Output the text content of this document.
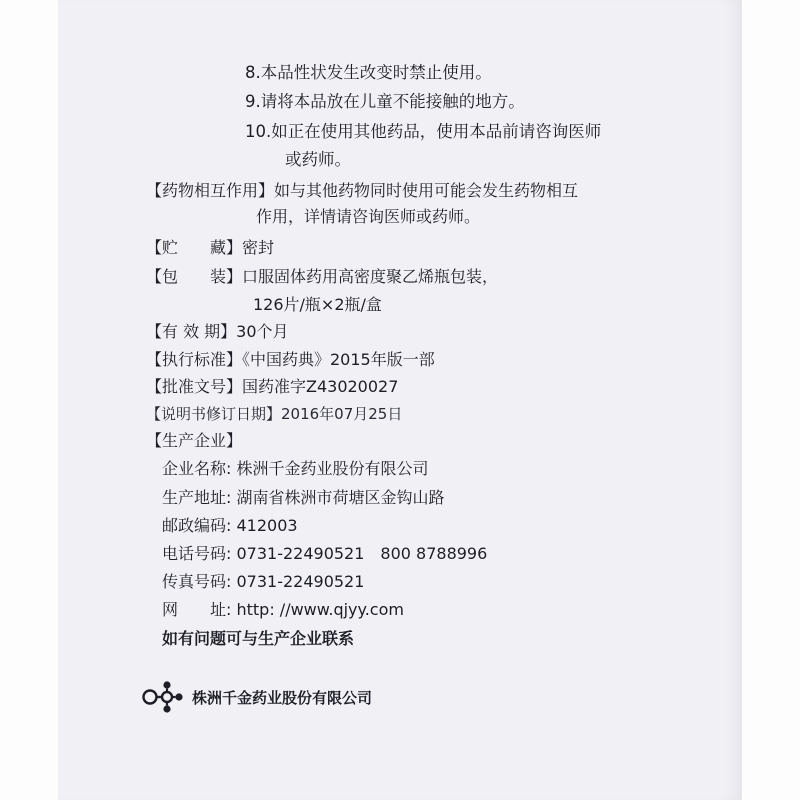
8.本品性状发生改变时禁止使用。
9.请将本品放在儿童不能接触的地方。
10.如正在使用其他药品，使用本品前请咨询医师
或药师。
【药物相互作用】如与其他药物同时使用可能会发生药物相互
作用，详情请咨询医师或药师。
【贮　　藏】密封
【包　　装】口服固体药用高密度聚乙烯瓶包装，
126片/瓶×2瓶/盒
【有 效 期】30个月
【执行标准】《中国药典》2015年版一部
【批准文号】国药准字Z43020027
【说明书修订日期】2016年07月25日
【生产企业】
企业名称: 株洲千金药业股份有限公司
生产地址: 湖南省株洲市荷塘区金钩山路
邮政编码: 412003
电话号码: 0731-22490521　800 8788996
传真号码: 0731-22490521
网　　址: http: //www.qjyy.com
如有问题可与生产企业联系
株洲千金药业股份有限公司
